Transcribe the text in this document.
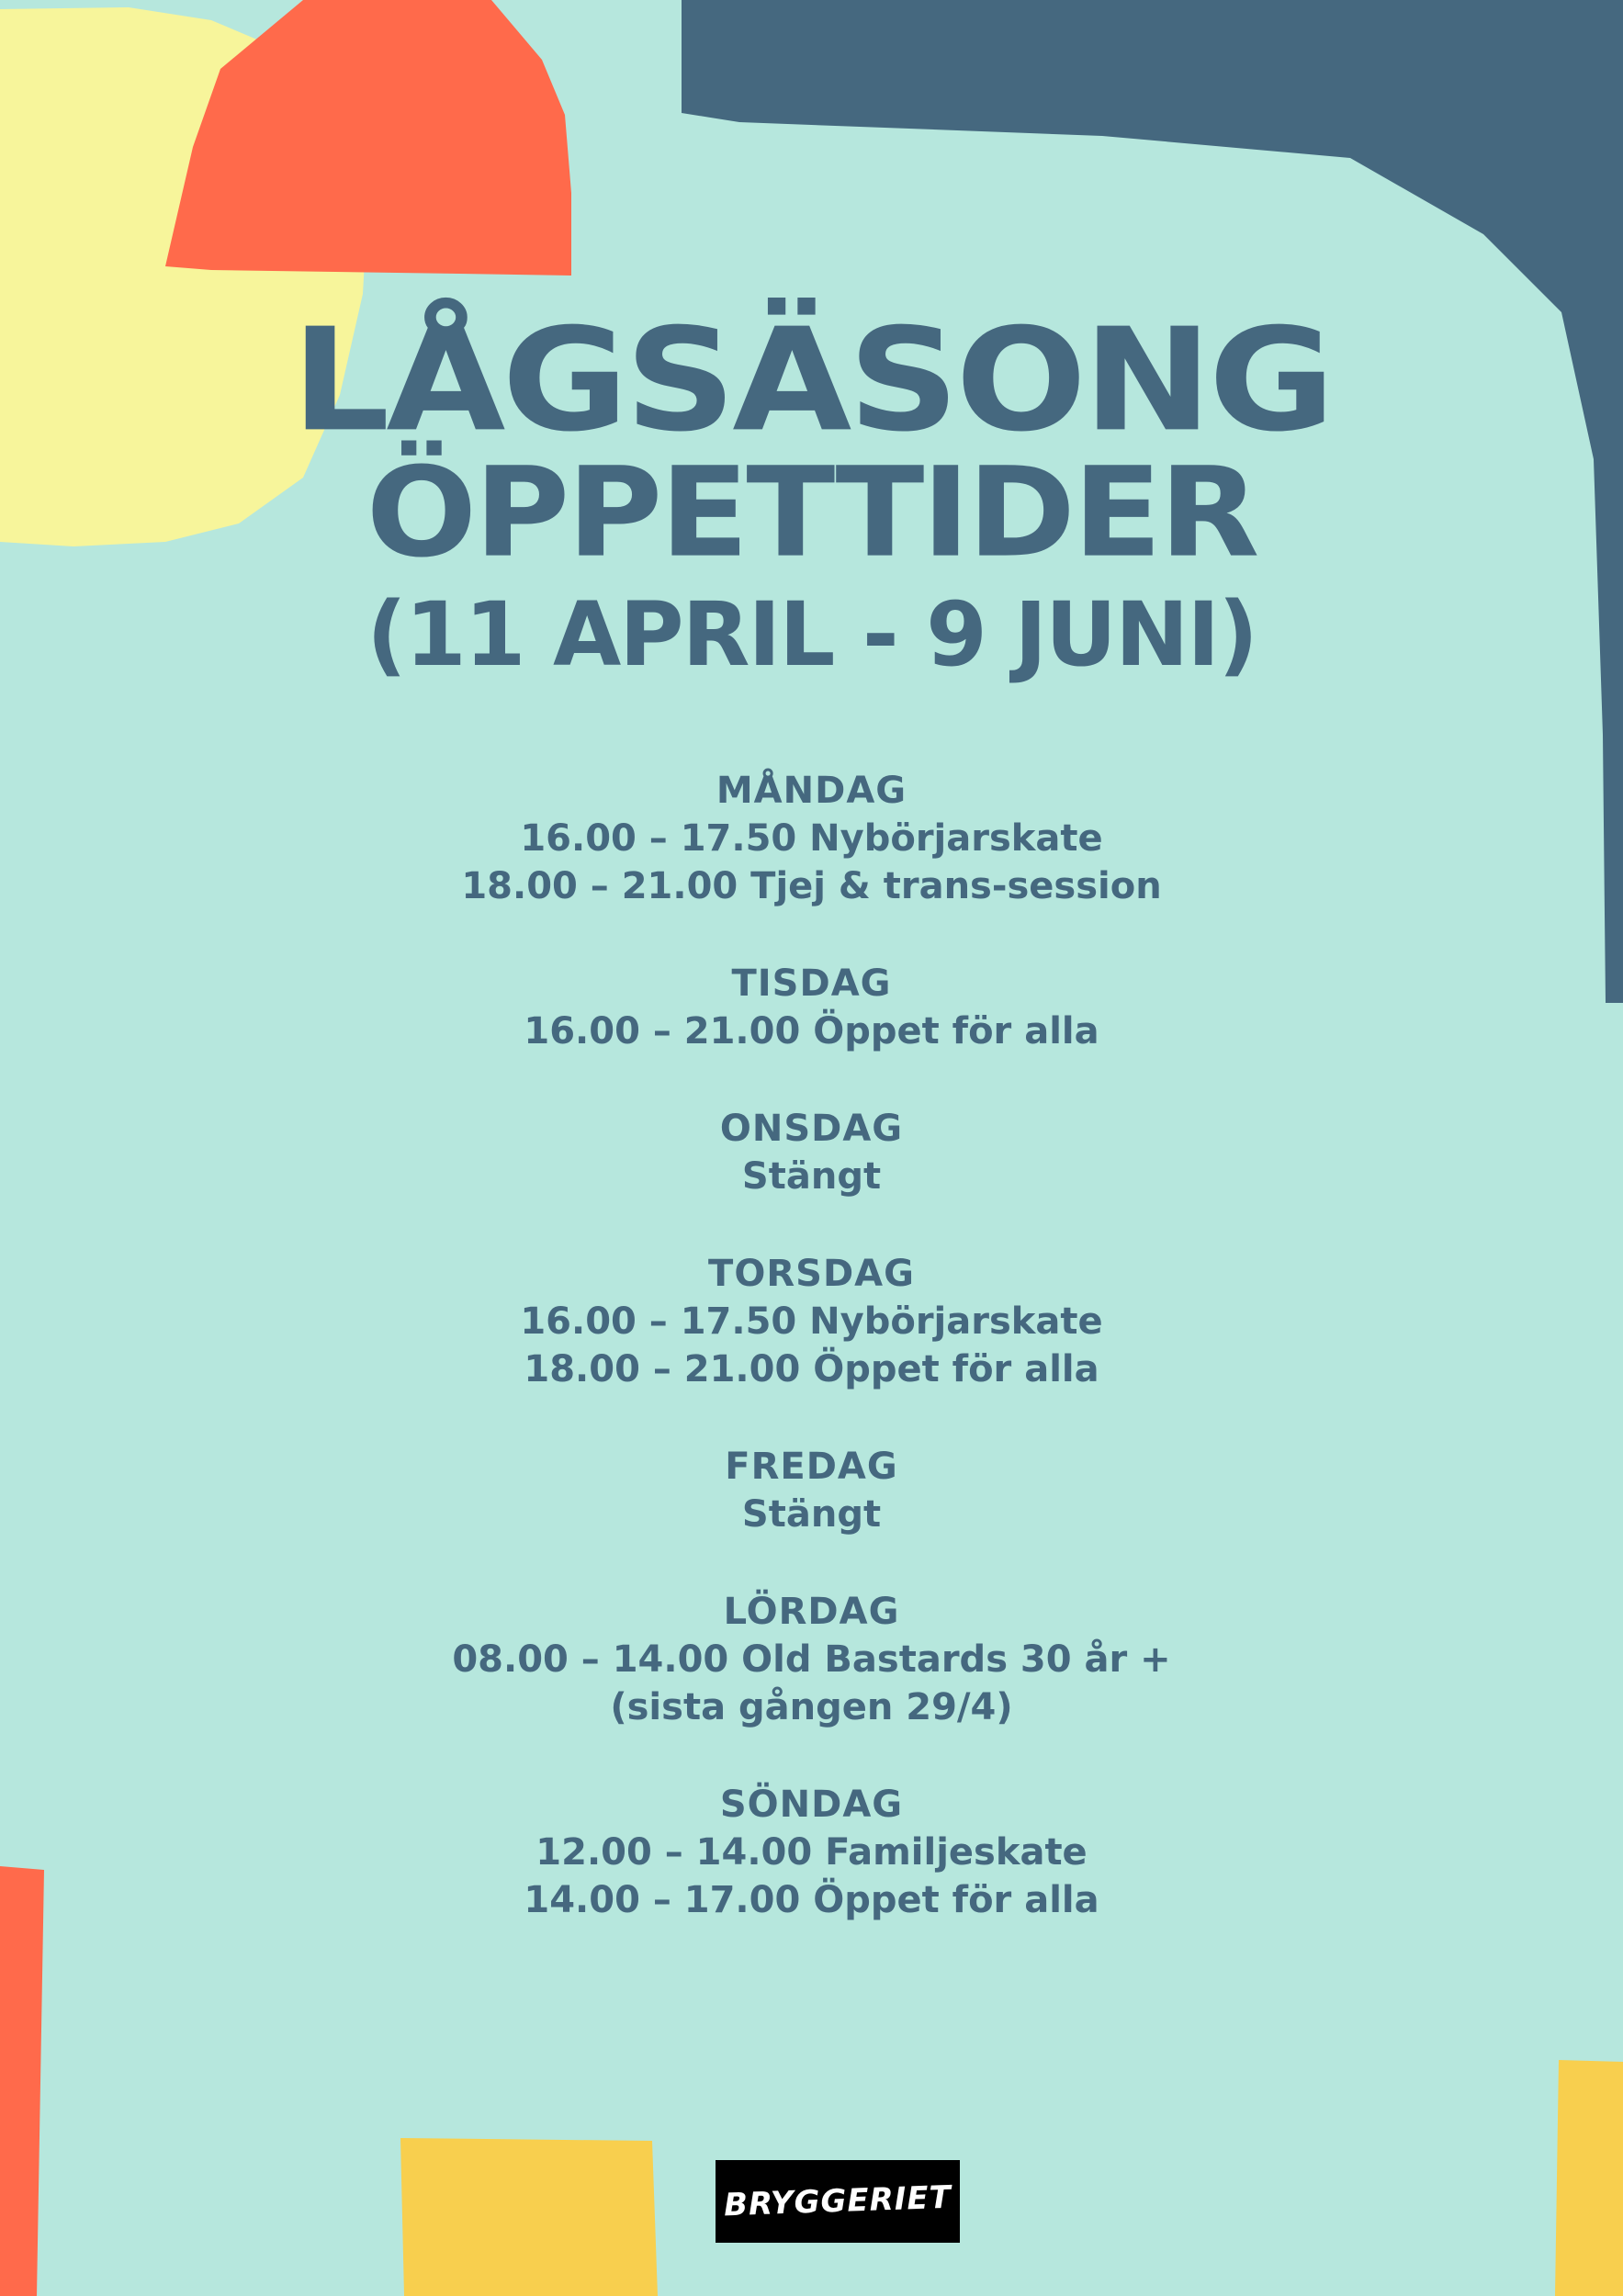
LÅGSÄSONG
ÖPPETTIDER
(11 APRIL - 9 JUNI)
MÅNDAG
16.00 – 17.50 Nybörjarskate
18.00 – 21.00 Tjej & trans-session
TISDAG
16.00 – 21.00 Öppet för alla
ONSDAG
Stängt
TORSDAG
16.00 – 17.50 Nybörjarskate
18.00 – 21.00 Öppet för alla
FREDAG
Stängt
LÖRDAG
08.00 – 14.00 Old Bastards 30 år +
(sista gången 29/4)
SÖNDAG
12.00 – 14.00 Familjeskate
14.00 – 17.00 Öppet för alla
BRYGGERIET
